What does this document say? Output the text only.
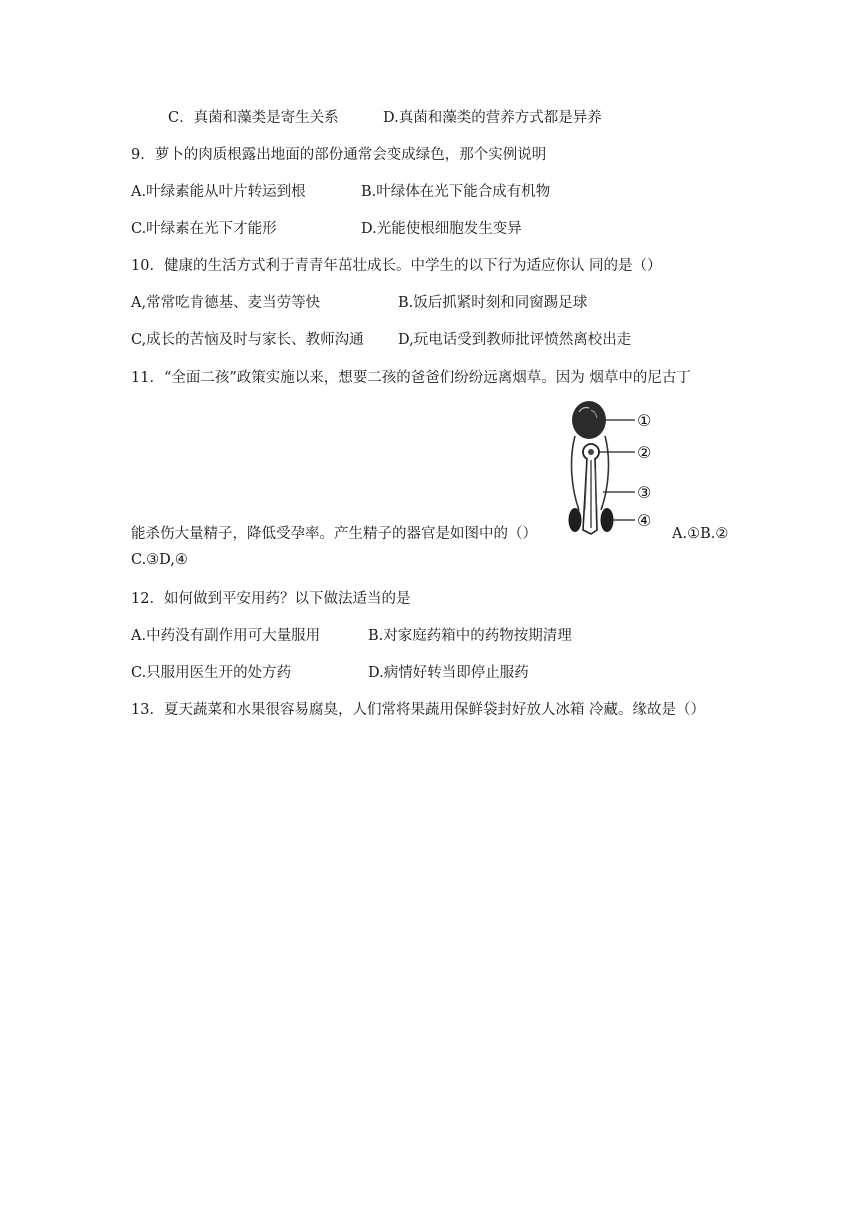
C．真菌和藻类是寄生关系	D.真菌和藻类的营养方式都是异养
9．萝卜的肉质根露出地面的部份通常会变成绿色，那个实例说明
A.叶绿素能从叶片转运到根	B.叶绿体在光下能合成有机物
C.叶绿素在光下才能形	D.光能使根细胞发生变异
10．健康的生活方式利于青青年茁壮成长。中学生的以下行为适应你认 同的是（）
A,常常吃肯德基、麦当劳等快	B.饭后抓紧时刻和同窗踢足球
C,成长的苦恼及时与家长、教师沟通 D,玩电话受到教师批评愤然离校出走
11．“全面二孩”政策实施以来，想要二孩的爸爸们纷纷远离烟草。因为 烟草中的尼古丁
①
②
③
④
能杀伤大量精子，降低受孕率。产生精子的器官是如图中的（）	A.①B.②
C.③D,④
12．如何做到平安用药？以下做法适当的是
A.中药没有副作用可大量服用	B.对家庭药箱中的药物按期清理
C.只服用医生开的处方药	D.病情好转当即停止服药
13．夏天蔬菜和水果很容易腐臭，人们常将果蔬用保鲜袋封好放人冰箱 冷藏。缘故是（）
